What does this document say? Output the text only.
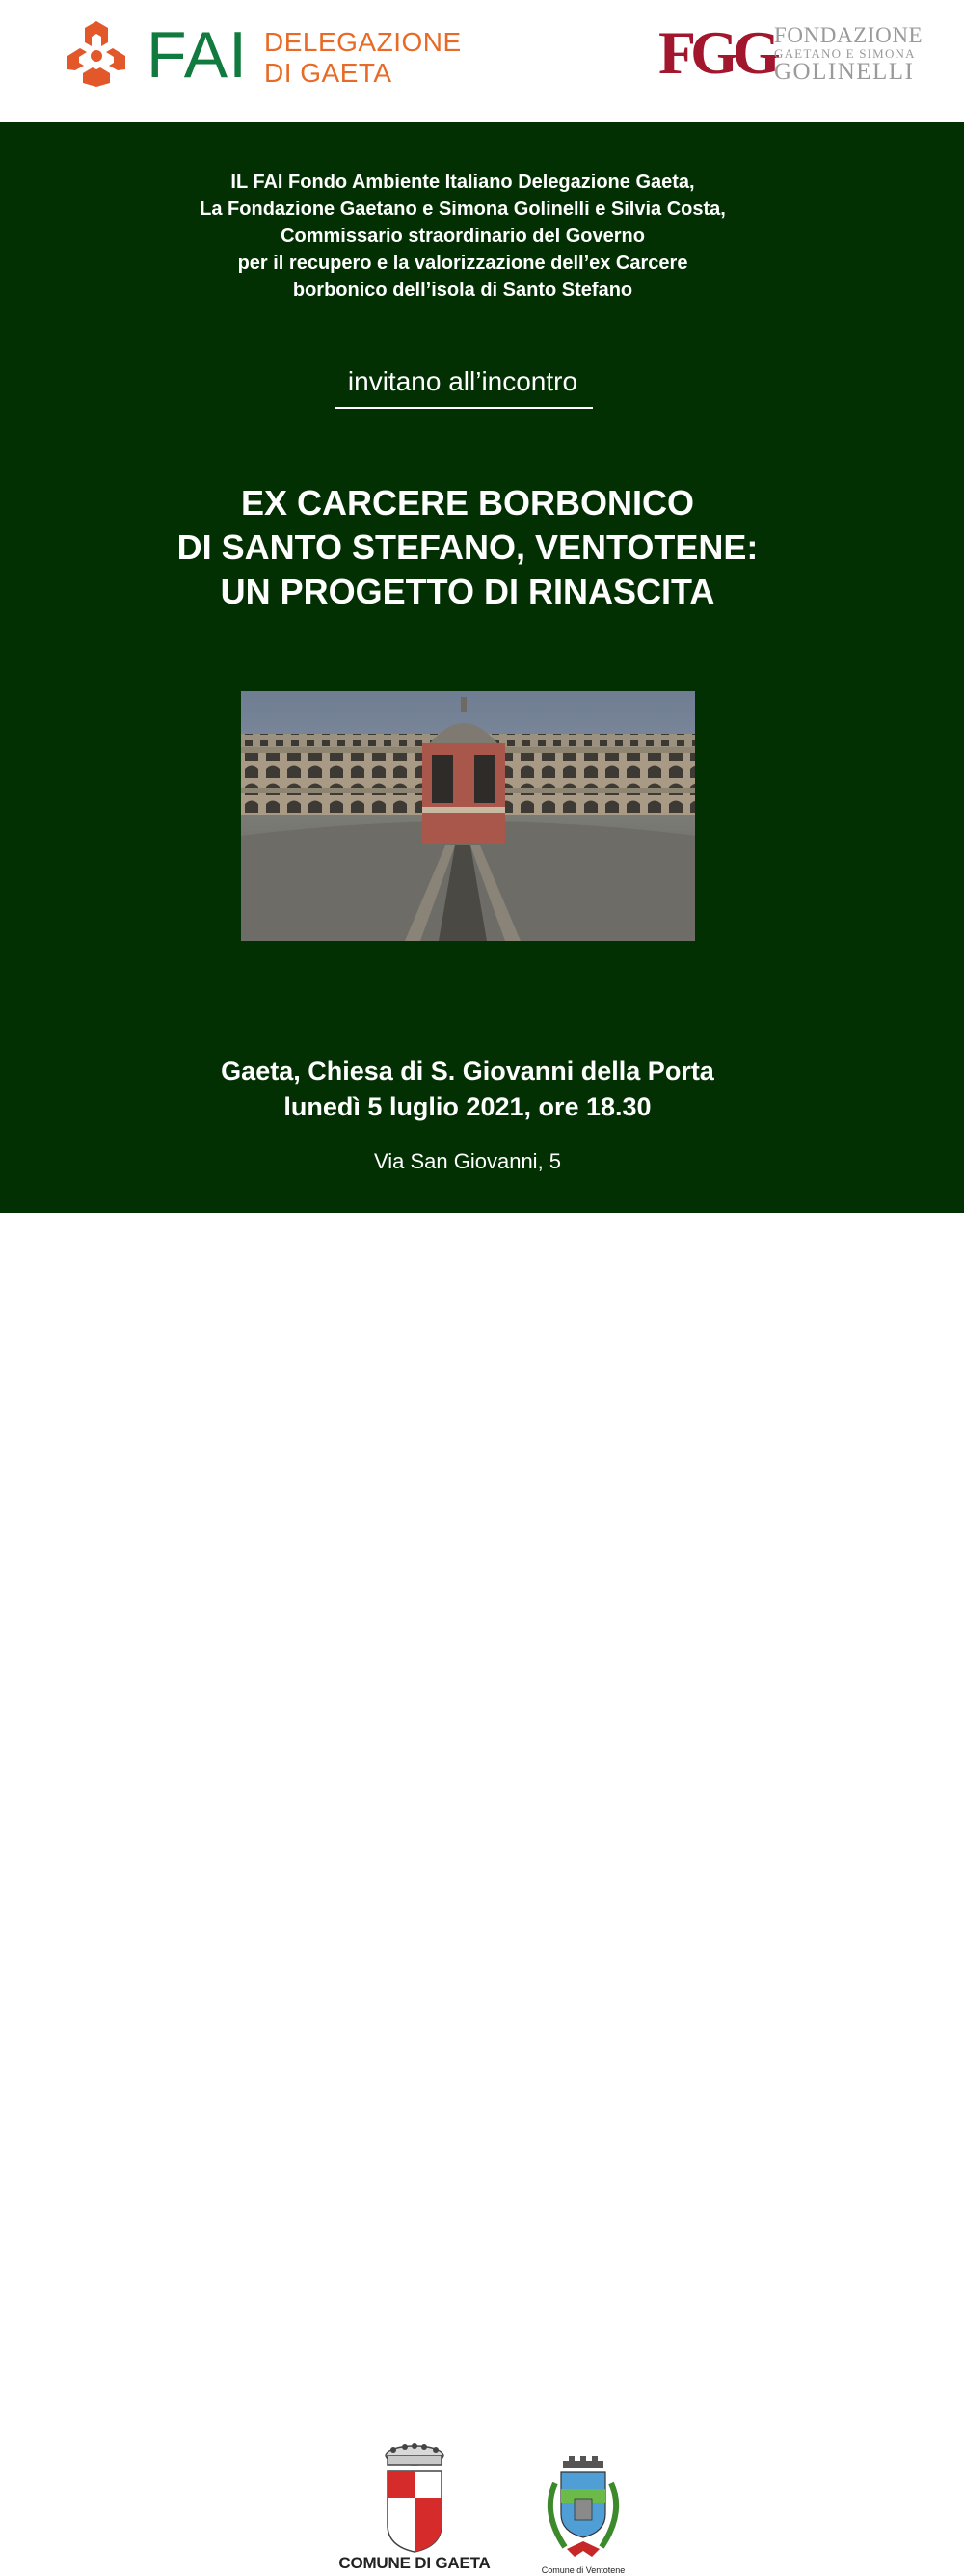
FAI DELEGAZIONE
DI GAETA	FGG FONDAZIONE
GAETANO E SIMONA
GOLINELLI
IL FAI Fondo Ambiente Italiano Delegazione Gaeta,
La Fondazione Gaetano e Simona Golinelli e Silvia Costa,
Commissario straordinario del Governo
per il recupero e la valorizzazione dell’ex Carcere
borbonico dell’isola di Santo Stefano
invitano all’incontro
EX CARCERE BORBONICO
DI SANTO STEFANO, VENTOTENE:
UN PROGETTO DI RINASCITA
Gaeta, Chiesa di S. Giovanni della Porta
lunedì 5 luglio 2021, ore 18.30
Via San Giovanni, 5
COMUNE DI GAETA	Comune di Ventotene
